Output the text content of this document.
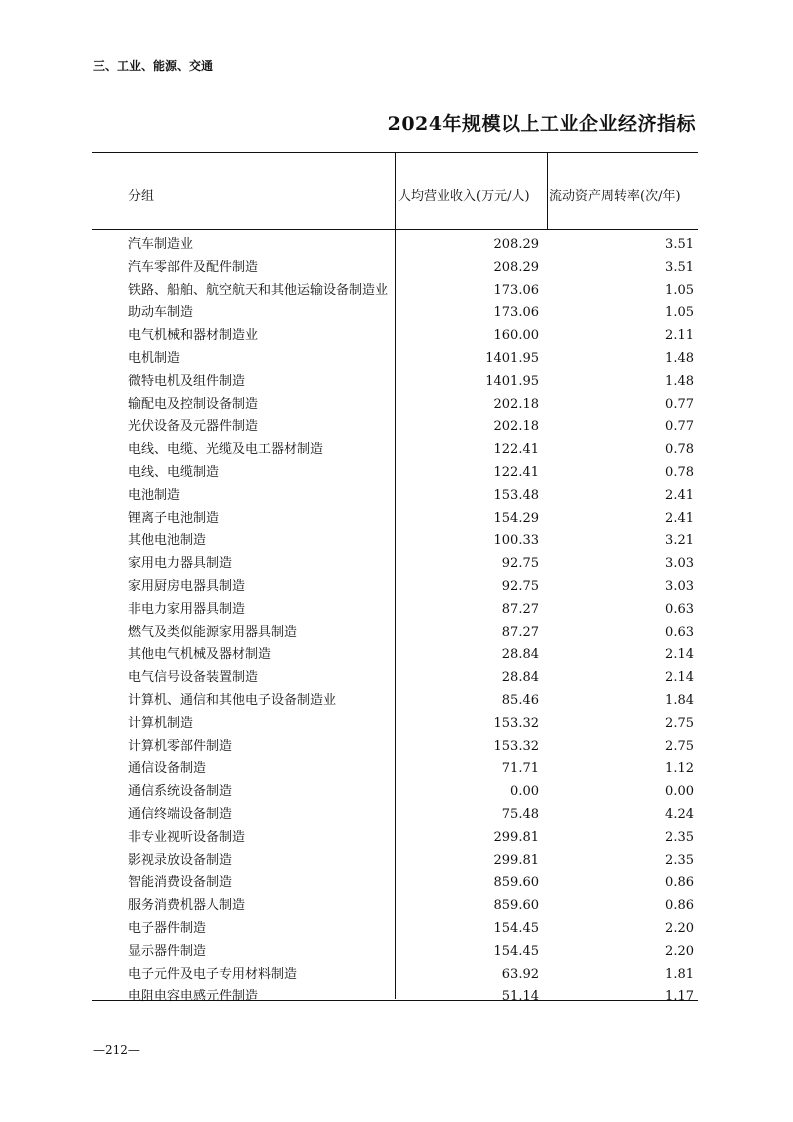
三、工业、能源、交通
2024年规模以上工业企业经济指标
分组	人均营业收入(万元/人)	流动资产周转率(次/年)
汽车制造业	208.29	3.51
汽车零部件及配件制造	208.29	3.51
铁路、船舶、航空航天和其他运输设备制造业	173.06	1.05
助动车制造	173.06	1.05
电气机械和器材制造业	160.00	2.11
电机制造	1401.95	1.48
微特电机及组件制造	1401.95	1.48
输配电及控制设备制造	202.18	0.77
光伏设备及元器件制造	202.18	0.77
电线、电缆、光缆及电工器材制造	122.41	0.78
电线、电缆制造	122.41	0.78
电池制造	153.48	2.41
锂离子电池制造	154.29	2.41
其他电池制造	100.33	3.21
家用电力器具制造	92.75	3.03
家用厨房电器具制造	92.75	3.03
非电力家用器具制造	87.27	0.63
燃气及类似能源家用器具制造	87.27	0.63
其他电气机械及器材制造	28.84	2.14
电气信号设备装置制造	28.84	2.14
计算机、通信和其他电子设备制造业	85.46	1.84
计算机制造	153.32	2.75
计算机零部件制造	153.32	2.75
通信设备制造	71.71	1.12
通信系统设备制造	0.00	0.00
通信终端设备制造	75.48	4.24
非专业视听设备制造	299.81	2.35
影视录放设备制造	299.81	2.35
智能消费设备制造	859.60	0.86
服务消费机器人制造	859.60	0.86
电子器件制造	154.45	2.20
显示器件制造	154.45	2.20
电子元件及电子专用材料制造	63.92	1.81
电阻电容电感元件制造	51.14	1.17
—212—
